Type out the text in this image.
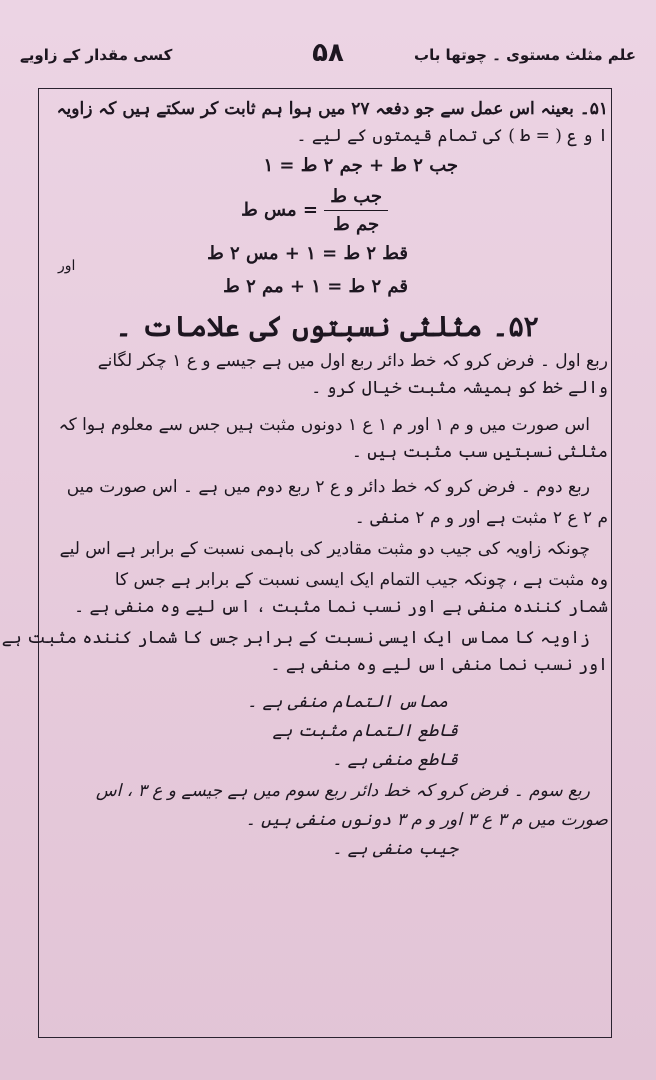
علم مثلث مستوی ۔ چوتھا باب
۵۸
کسی مقدار کے زاویے

۵۱۔ بعینہ اس عمل سے جو دفعہ ۲۷ میں ہوا ہم ثابت کر سکتے ہیں کہ زاویہ

ا و ع ( = ط ) کی تمام قیمتوں کے لیے ۔

جب ۲ ط + جم ۲ ط = ۱
$\frac{\text{جب ط}}{\text{جم ط}}$
= مس ط
قط ۲ ط = ۱ + مس ۲ ط
اور
قم ۲ ط = ۱ + مم ۲ ط
۵۲۔ مثلثی نسبتوں کی علامات ۔

ربع اول ۔ فرض کرو کہ خط دائر ربع اول میں ہے جیسے و ع ۱ چکر لگانے

والے خط کو ہمیشہ مثبت خیال کرو ۔

اس صورت میں و م ۱ اور م ۱ ع ۱ دونوں مثبت ہیں جس سے معلوم ہوا کہ

مثلثی نسبتیں سب مثبت ہیں ۔

ربع دوم ۔ فرض کرو کہ خط دائر و ع ۲ ربع دوم میں ہے ۔ اس صورت میں

م ۲ ع ۲ مثبت ہے اور و م ۲ منفی ۔

چونکہ زاویہ کی جیب دو مثبت مقادیر کی باہمی نسبت کے برابر ہے اس لیے

وہ مثبت ہے ، چونکہ جیب التمام ایک ایسی نسبت کے برابر ہے جس کا

شمار کنندہ منفی ہے اور نسب نما مثبت ، اس لیے وہ منفی ہے ۔

زاویہ کا مماس ایک ایسی نسبت کے برابر جس کا شمار کنندہ مثبت ہے

اور نسب نما منفی اس لیے وہ منفی ہے ۔

مماس التمام منفی ہے ۔

قاطع التمام مثبت ہے

قاطع منفی ہے ۔

ربع سوم ۔ فرض کرو کہ خط دائر ربع سوم میں ہے جیسے و ع ۳ ، اس

صورت میں م ۳ ع ۳ اور و م ۳ دونوں منفی ہیں ۔

جیب منفی ہے ۔
